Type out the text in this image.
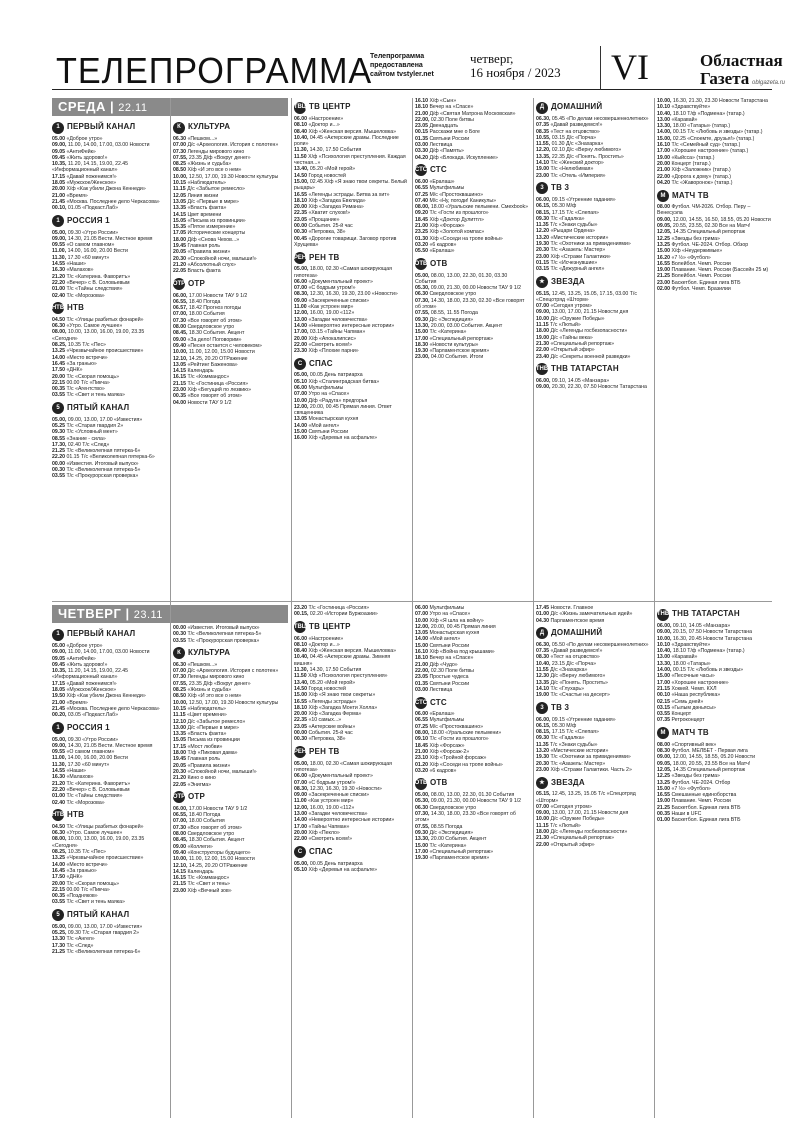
ТЕЛЕПРОГРАММА
Телепрограмма предоставлена сайтом tvstyler.net
четверг,
16 ноября / 2023	VI	Областная Газета oblgazeta.ru
СРЕДА | 22.11
1 ПЕРВЫЙ КАНАЛ
05.00 «Доброе утро»
09.00, 11.00, 14.00, 17.00, 03.00 Новости
09.05 «АнтиФейк»
09.45 «Жить здорово!»
10.35, 11.20, 14.15, 19.00, 22.45 «Информационный канал»
17.15 «Давай поженимся!»
18.05 «Мужское/Женское»
20.00 Х/ф «Как убили Джона Кеннеди»
21.00 «Время»
21.45 «Москва. Последнее дело Черкасова»
00.10, 01.05 «Подкаст.Лаб»
1 РОССИЯ 1
05.00, 09.30 «Утро России»
09.00, 14.30, 21.05 Вести. Местное время
09.55 «О самом главном»
11.00, 14.00, 16.00, 20.00 Вести
11.30, 17.30 «60 минут»
14.55 «Наши»
16.30 «Малахов»
21.20 Т/с «Катерина. Фаворитъ»
22.20 «Вечер» с В. Соловьевым
01.00 Т/с «Тайны следствия»
02.40 Т/с «Морозова»
НТВ НТВ
04.50 Т/с «Улицы разбитых фонарей»
06.30 «Утро. Самое лучшее»
08.00, 10.00, 13.00, 16.00, 19.00, 23.35 «Сегодня»
08.25, 10.35 Т/с «Пес»
13.25 «Чрезвычайное происшествие»
14.00 «Место встречи»
16.45 «За гранью»
17.50 «ДНК»
20.00 Т/с «Скорая помощь»
22.15 00.00 Т/с «Пикча»
00.35 Т/с «Агентство»
03.55 Т/с «Свет и тень маяка»
5 ПЯТЫЙ КАНАЛ
05.00, 09.00, 13.00, 17.00 «Известия»
05.25 Т/с «Старая гвардия 2»
09.30 Т/с «Условный мент»
08.55 «Знание - сила»
17.30, 02.40 Т/с «След»
21.25 Т/с «Великолепная пятерка-6»
22.20 01.15 Т/с «Великолепная пятерка-6»
00.00 «Известия. Итоговый выпуск»
00.30 Т/с «Великолепная пятерка-5»
03.55 Т/с «Прокурорская проверка»
К КУЛЬТУРА
06.30 «Пешком...»
07.00 Д/с «Археология. История с полотен»
07.30 Легенды мирового кино
07.55, 23.35 Д/ф «Вокруг денег»
08.25 «Жизнь и судьба»
08.50 Х/ф «И это все о нем»
10.00, 12.50, 17.00, 19.30 Новости культуры
10.15 «Наблюдатель»
11.15 Д/с «Забытое ремесло»
12.05 Линия жизни
13.05 Д/с «Первые в мире»
13.35 «Власть факта»
14.15 Цвет времени
15.05 «Письма из провинции»
15.35 «Пятое измерение»
17.05 Исторические концерты
18.00 Д/ф «Снова Чехов...»
19.45 Главная роль
20.05 «Правила жизни»
20.30 «Спокойной ночи, малыши!»
21.20 «Абсолютный слух»
22.05 Власть факта
ОТР ОТР
06.00, 17.00 Новости ТАУ 9 1/2
06.55, 18.40 Погода
06.57, 18.42 Прогноз погоды
07.00, 18.00 События
07.30 «Все говорят об этом»
08.00 Свердловское утро
08.45, 18.30 События. Акцент
09.00 «За дело! Поговорим»
09.40 «Песня остается с человеком»
10.00, 11.00, 12.00, 15.00 Новости
12.10, 14.25, 20.20 ОТРажение
13.05 «Рейтинг Баженова»
14.15 Календарь
16.15 Т/с «Коммандос»
21.15 Т/с «Гостиница «Россия»
23.00 Х/ф «Бегущий по лезвию»
00.35 «Все говорят об этом»
04.00 Новости ТАУ 9 1/2
ТВЦ ТВ ЦЕНТР
06.00 «Настроение»
08.10 «Доктор и...»
08.40 Х/ф «Женская версия. Мышеловка»
10.40, 04.45 «Актерские драмы. Последние роли»
11.30, 14.30, 17.50 События
11.50 Х/ф «Психология преступления. Каждая честная...»
13.40, 05.20 «Мой герой»
14.50 Город новостей
15.00, 02.45 Х/ф «Я знаю твои секреты. Белый рыцарь»
16.55 «Легенды эстрады. Битва за хит»
18.10 Х/ф «Загадка Евклида»
20.00 Х/ф «Загадка Римана»
22.35 «Хватит слухов!»
23.05 «Прощание»
00.00 События. 25-й час
00.30 «Петровка, 38»
00.45 «Дорогие товарищи. Заговор против Хрущева»
РЕН РЕН ТВ
05.00, 18.00, 02.30 «Самая шокирующая гипотеза»
06.00 «Документальный проект»
07.00 «С бодрым утром!»
08.30, 12.30, 16.30, 19.30, 23.00 «Новости»
09.00 «Засекреченные списки»
11.00 «Как устроен мир»
12.00, 16.00, 19.00 «112»
13.00 «Загадки человечества»
14.00 «Невероятно интересные истории»
17.00, 03.15 «Тайны Чапман»
20.00 Х/ф «Апокалипсис»
22.00 «Смотреть всем!»
23.30 Х/ф «Плохие парни»
С СПАС
05.00, 00.05 День патриарха
05.10 Х/ф «Сталинградская битва»
06.00 Мультфильмы
07.00 Утро на «Спасе»
10.00 Д/ф «Радуга» предгорья
12.00, 20.00, 00.45 Прямая линия. Ответ священника
13.05 Монастырская кухня
14.00 «Мой ангел»
15.00 Святыни России
16.00 Х/ф «Деревья на асфальте»
16.10 Х/ф «Сын»
18.10 Вечер на «Спасе»
21.00 Д/ф «Святая Матрона Московская»
22.00, 02.30 Поле битвы
23.05 Двенадцать
00.15 Расскажи мне о Боге
01.35 Святыни России
03.00 Лествица
03.30 Д/ф «Память»
04.20 Д/ф «Блокада. Искупление»
СТС СТС
06.00 «Ералаш»
06.55 Мультфильмы
07.25 М/с «Простоквашино»
07.40 М/с «Ну, погоди! Каникулы»
08.00, 18.00 «Уральские пельмени. Смехbook»
09.20 Т/с «Гости из прошлого»
18.45 Х/ф «Доктор Дулиттл»
21.00 Х/ф «Форсаж»
23.25 Х/ф «Золотой компас»
01.30 Х/ф «Соседи на тропе войны»
03.20 «6 кадров»
05.50 «Ералаш»
ОТВ ОТВ
05.00, 08.00, 13.00, 22.30, 01.30, 03.30 События
05.30, 09.00, 21.30, 00.00 Новости ТАУ 9 1/2
06.30 Свердловское утро
07.30, 14.30, 18.00, 23.30, 02.30 «Все говорят об этом»
07.55, 08.55, 11.55 Погода
09.30 Д/с «Экспедиция»
13.30, 20.00, 03.00 События. Акцент
15.00 Т/с «Катерина»
17.00 «Специальный репортаж»
18.30 «Новости культуры»
19.30 «Парламентское время»
23.00, 04.00 События. Итоги
Д ДОМАШНИЙ
06.30, 05.45 «По делам несовершеннолетних»
07.35 «Давай разведемся!»
08.35 «Тест на отцовство»
10.55, 03.15 Д/с «Порча»
11.55, 01.30 Д/с «Знахарка»
12.20, 02.10 Д/с «Верну любимого»
13.35, 22.35 Д/с «Понять. Простить»
14.10 Т/с «Женский доктор»
19.00 Т/с «Нелюбимая»
23.00 Т/с «Отель «Империя»
3 ТВ 3
06.00, 09.15 «Утренние гадания»
06.15, 05.30 М/ф
08.15, 17.15 Т/с «Слепая»
09.30 Т/с «Гадалка»
11.35 Т/с «Знаки судьбы»
12.20 «Рыцари Ордена»
13.20 «Мистические истории»
19.30 Т/с «Охотники за привидениями»
20.30 Т/с «Азазель: Мастер»
23.00 Х/ф «Стражи Галактики»
01.15 Т/с «Исчезнувшие»
03.15 Т/с «Дежурный ангел»
★ ЗВЕЗДА
05.15, 12.45, 13.25, 15.05, 17.15, 03.00 Т/с «Спецотряд «Шторм»
07.00 «Сегодня утром»
09.00, 13.00, 17.00, 21.15 Новости дня
10.00 Д/с «Оружие Победы»
11.15 Т/с «Лютый»
18.00 Д/с «Легенды госбезопасности»
19.00 Д/с «Тайны века»
21.30 «Специальный репортаж»
22.00 «Открытый эфир»
23.40 Д/с «Секреты военной разведки»
ТНВ ТНВ ТАТАРСТАН
06.00, 09.10, 14.05 «Манзара»
09.00, 20.30, 22.30, 07.50 Новости Татарстана
10.00, 16.30, 21.30, 23.30 Новости Татарстана
10.10 «Здравствуйте»
10.40, 18.10 Т/ф «Подмена» (татар.)
13.00 «Каравай»
13.30, 18.00 «Татары» (татар.)
14.00, 00.15 Т/с «Любовь и звезды» (татар.)
15.00, 02.25 «Споемте, друзья!» (татар.)
16.10 Т/с «Семейный суд» (татар.)
17.00 «Хорошее настроение» (татар.)
19.00 «Кыйсса» (татар.)
20.00 Концерт (татар.)
21.00 Х/ф «Заложник» (татар.)
22.00 «Дорога к дому» (татар.)
04.20 Т/с «Жаворонок» (татар.)
М МАТЧ ТВ
08.00 Футбол. ЧМ-2026. Отбор. Перу – Венесуэла
09.00, 12.00, 14.55, 16.50, 18.55, 05.20 Новости
09.05, 20.55, 23.55, 02.30 Все на Матч!
12.05, 14.35 Специальный репортаж
12.25 «Звезды без грима»
13.25 Футбол. ЧЕ-2024. Отбор. Обзор
15.00 Х/ф «Неудержимые»
16.20 «7 ½» «Футбол»
16.55 Волейбол. Чемп. России
19.00 Плавание. Чемп. России (Бассейн 25 м)
21.25 Волейбол. Чемп. России
23.00 Баскетбол. Единая лига ВТБ
02.00 Футбол. Чемп. Бразилии
ЧЕТВЕРГ | 23.11
1 ПЕРВЫЙ КАНАЛ
05.00 «Доброе утро»
09.00, 11.00, 14.00, 17.00, 03.00 Новости
09.05 «АнтиФейк»
09.45 «Жить здорово!»
10.35, 11.20, 14.15, 19.00, 22.45 «Информационный канал»
17.15 «Давай поженимся!»
18.05 «Мужское/Женское»
19.50 Х/ф «Как убили Джона Кеннеди»
21.00 «Время»
21.45 «Москва. Последнее дело Черкасова»
00.20, 03.05 «Подкаст.Лаб»
1 РОССИЯ 1
05.00, 09.30 «Утро России»
09.00, 14.30, 21.05 Вести. Местное время
09.55 «О самом главном»
11.00, 14.00, 16.00, 20.00 Вести
11.30, 17.30 «60 минут»
14.55 «Наши»
16.30 «Малахов»
21.20 Т/с «Катерина. Фаворитъ»
22.20 «Вечер» с В. Соловьевым
01.00 Т/с «Тайны следствия»
02.40 Т/с «Морозова»
НТВ НТВ
04.50 Т/с «Улицы разбитых фонарей»
06.30 «Утро. Самое лучшее»
08.00, 10.00, 13.00, 16.00, 19.00, 23.35 «Сегодня»
08.25, 10.35 Т/с «Пес»
13.25 «Чрезвычайное происшествие»
14.00 «Место встречи»
16.45 «За гранью»
17.50 «ДНК»
20.00 Т/с «Скорая помощь»
22.15 00.00 Т/с «Пикча»
00.35 «Поздняков»
03.55 Т/с «Свет и тень маяка»
5 ПЯТЫЙ КАНАЛ
05.00, 09.00, 13.00, 17.00 «Известия»
05.25, 09.30 Т/с «Старая гвардия 2»
13.30 Т/с «Ангел»
17.30 Т/с «След»
21.25 Т/с «Великолепная пятерка-6»
00.00 «Известия. Итоговый выпуск»
00.30 Т/с «Великолепная пятерка-5»
03.55 Т/с «Прокурорская проверка»
К КУЛЬТУРА
06.30 «Пешком...»
07.00 Д/с «Археология. История с полотен»
07.30 Легенды мирового кино
07.55, 23.35 Д/ф «Вокруг денег»
08.25 «Жизнь и судьба»
08.50 Х/ф «И это все о нем»
10.00, 12.50, 17.00, 19.30 Новости культуры
10.15 «Наблюдатель»
11.15 «Цвет времени»
12.10 Д/с «Забытое ремесло»
13.00 Д/с «Первые в мире»
13.35 «Власть факта»
15.05 Письма из провинции
17.15 «Мост любви»
18.00 Т/ф «Пиковая дама»
19.45 Главная роль
20.05 «Правила жизни»
20.30 «Спокойной ночи, малыши!»
21.20 Кино о кино
22.05 «Энигма»
ОТР ОТР
06.00, 17.00 Новости ТАУ 9 1/2
06.55, 18.40 Погода
07.00, 18.00 События
07.30 «Все говорят об этом»
08.00 Свердловское утро
08.45, 18.30 События. Акцент
09.00 «Коллеги»
09.40 «Конструкторы будущего»
10.00, 11.00, 12.00, 15.00 Новости
12.10, 14.25, 20.20 ОТРажение
14.15 Календарь
16.15 Т/с «Коммандос»
21.15 Т/с «Свет и тень»
23.00 Х/ф «Вечный зов»
23.20 Т/с «Гостиница «Россия»
00.15, 02.20 «Истории Буржоазии»
ТВЦ ТВ ЦЕНТР
06.00 «Настроение»
08.10 «Доктор и...»
08.40 Х/ф «Женская версия. Мышеловка»
10.40, 04.45 «Актерские драмы. Зимняя вишня»
11.30, 14.30, 17.50 События
11.50 Х/ф «Психология преступления»
13.40, 05.20 «Мой герой»
14.50 Город новостей
15.00 Х/ф «Я знаю твои секреты»
16.55 «Легенды эстрады»
18.10 Х/ф «Загадка Монти Холла»
20.00 Х/ф «Загадка Ферма»
22.35 «10 самых...»
23.05 «Актерские войны»
00.00 События. 25-й час
00.30 «Петровка, 38»
РЕН РЕН ТВ
05.00, 18.00, 02.30 «Самая шокирующая гипотеза»
06.00 «Документальный проект»
07.00 «С бодрым утром!»
08.30, 12.30, 16.30, 19.30 «Новости»
09.00 «Засекреченные списки»
11.00 «Как устроен мир»
12.00, 16.00, 19.00 «112»
13.00 «Загадки человечества»
14.00 «Невероятно интересные истории»
17.00 «Тайны Чапман»
20.00 Х/ф «Пекло»
22.00 «Смотреть всем!»
С СПАС
05.00, 00.05 День патриарха
05.10 Х/ф «Деревья на асфальте»
06.00 Мультфильмы
07.00 Утро на «Спасе»
10.00 Х/ф «Я шла на войну»
12.00, 20.00, 00.45 Прямая линия
13.05 Монастырская кухня
14.00 «Мой ангел»
15.00 Святыни России
16.10 Х/ф «Война под крышами»
18.10 Вечер на «Спасе»
21.00 Д/ф «Чудо»
22.00, 02.30 Поле битвы
23.05 Простые чудеса
01.35 Святыни России
03.00 Лествица
СТС СТС
06.00 «Ералаш»
06.55 Мультфильмы
07.25 М/с «Простоквашино»
08.00, 18.00 «Уральские пельмени»
09.10 Т/с «Гости из прошлого»
18.45 Х/ф «Форсаж»
21.00 Х/ф «Форсаж-2»
23.10 Х/ф «Тройной форсаж»
01.20 Х/ф «Соседи на тропе войны»
03.20 «6 кадров»
ОТВ ОТВ
05.00, 08.00, 13.00, 22.30, 01.30 События
05.30, 09.00, 21.30, 00.00 Новости ТАУ 9 1/2
06.30 Свердловское утро
07.30, 14.30, 18.00, 23.30 «Все говорят об этом»
07.55, 08.55 Погода
09.30 Д/с «Экспедиция»
13.30, 20.00 События. Акцент
15.00 Т/с «Катерина»
17.00 «Специальный репортаж»
19.30 «Парламентское время»
17.45 Новости. Главное
01.00 Д/с «Жизнь замечательных идей»
04.30 Парламентское время
Д ДОМАШНИЙ
06.30, 05.50 «По делам несовершеннолетних»
07.35 «Давай разведемся!»
08.30 «Тест на отцовство»
10.40, 23.15 Д/с «Порча»
11.55 Д/с «Знахарка»
12.30 Д/с «Верну любимого»
13.35 Д/с «Понять. Простить»
14.10 Т/с «Глухарь»
19.00 Т/с «Счастье на десерт»
3 ТВ 3
06.00, 09.15 «Утренние гадания»
06.15, 05.30 М/ф
08.15, 17.15 Т/с «Слепая»
09.30 Т/с «Гадалка»
11.35 Т/с «Знаки судьбы»
13.20 «Мистические истории»
19.30 Т/с «Охотники за привидениями»
20.30 Т/с «Азазель: Мастер»
23.00 Х/ф «Стражи Галактики. Часть 2»
★ ЗВЕЗДА
05.15, 12.45, 13.25, 15.05 Т/с «Спецотряд «Шторм»
07.00 «Сегодня утром»
09.00, 13.00, 17.00, 21.15 Новости дня
10.00 Д/с «Оружие Победы»
11.15 Т/с «Лютый»
18.00 Д/с «Легенды госбезопасности»
21.30 «Специальный репортаж»
22.00 «Открытый эфир»
ТНВ ТНВ ТАТАРСТАН
06.00, 09.10, 14.05 «Манзара»
09.00, 20.15, 07.50 Новости Татарстана
10.00, 16.30, 20.45 Новости Татарстана
10.10 «Здравствуйте»
10.40, 18.10 Т/ф «Подмена» (татар.)
13.00 «Каравай»
13.30, 18.00 «Татары»
14.00, 00.15 Т/с «Любовь и звезды»
15.00 «Песочные часы»
17.00 «Хорошее настроение»
21.15 Хоккей. Чемп. КХЛ
00.10 «Наша республика»
02.15 «Семь дней»
03.15 «Гылым дөньясы»
03.55 Концерт
07.35 Ретроконцерт
М МАТЧ ТВ
08.00 «Спортивный век»
08.30 Футбол. МЕЛБЕТ - Первая лига
09.00, 12.00, 14.55, 18.55, 05.20 Новости
09.05, 18.00, 20.55, 23.55 Все на Матч!
12.05, 14.35 Специальный репортаж
12.25 «Звезды без грима»
13.25 Футбол. ЧЕ-2024. Отбор
15.00 «7 ½» «Футбол»
16.55 Смешанные единоборства
19.00 Плавание. Чемп. России
21.25 Баскетбол. Единая лига ВТБ
00.35 Наши в UFC
01.00 Баскетбол. Единая лига ВТБ
